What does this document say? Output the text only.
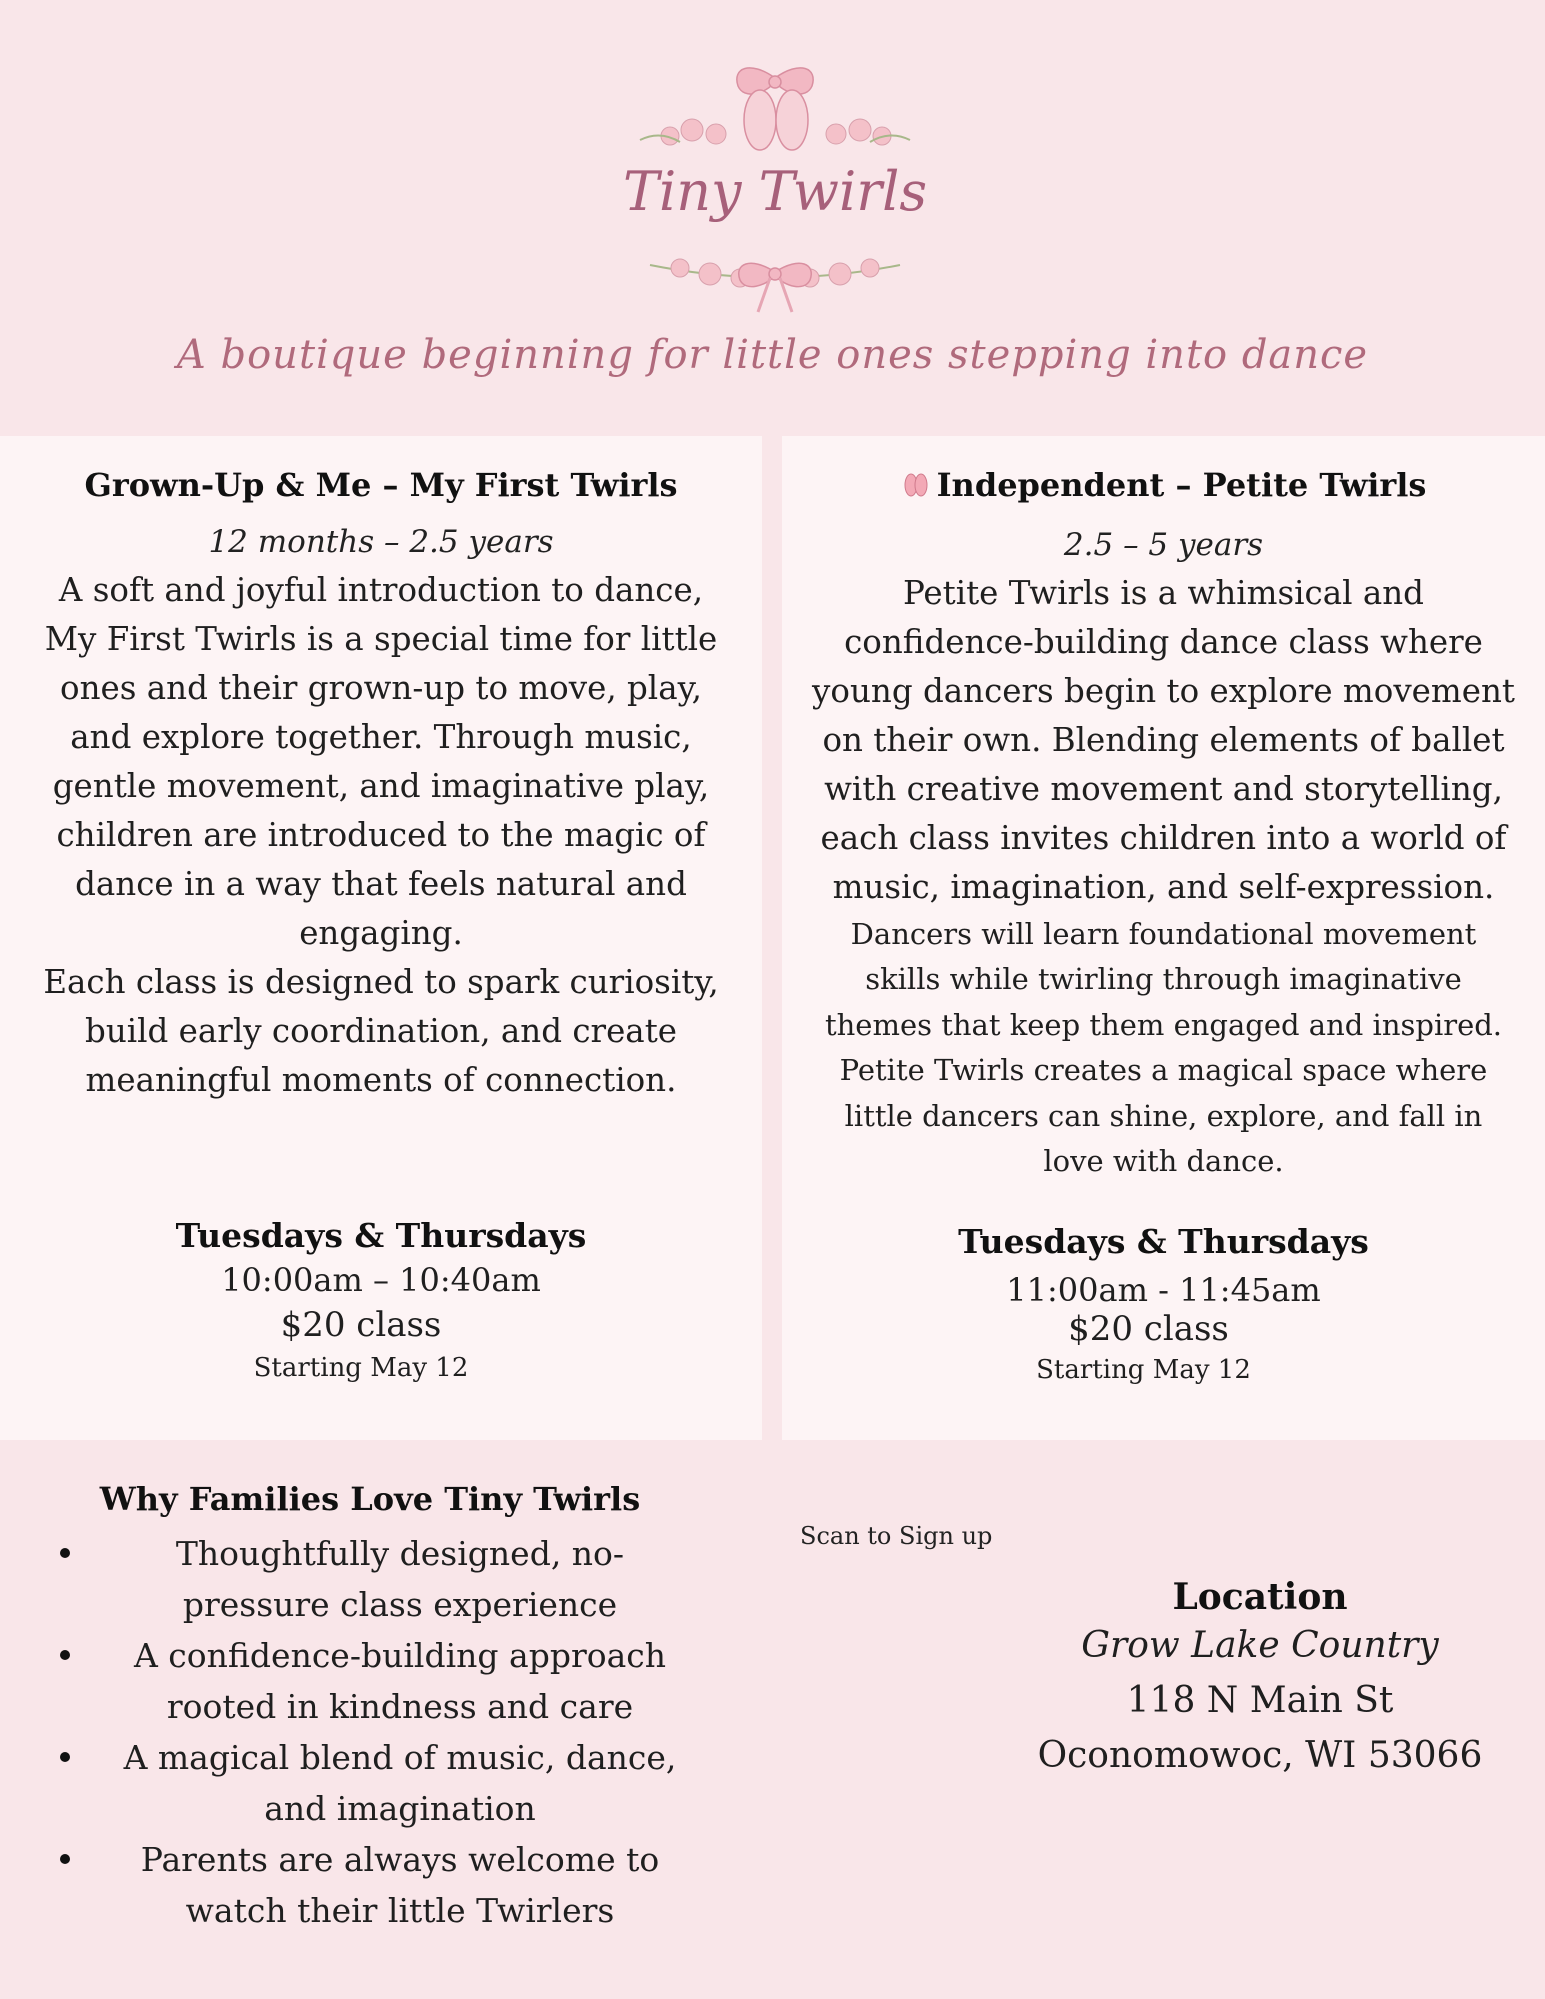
Tiny Twirls
A boutique beginning for little ones stepping into dance
Grown-Up & Me – My First Twirls
12 months – 2.5 years
A soft and joyful introduction to dance,
My First Twirls is a special time for little
ones and their grown-up to move, play,
and explore together. Through music,
gentle movement, and imaginative play,
children are introduced to the magic of
dance in a way that feels natural and
engaging.
Each class is designed to spark curiosity,
build early coordination, and create
meaningful moments of connection.
Tuesdays & Thursdays
10:00am – 10:40am
$20 class
Starting May 12
Independent – Petite Twirls
2.5 – 5 years
Petite Twirls is a whimsical and
confidence-building dance class where
young dancers begin to explore movement
on their own. Blending elements of ballet
with creative movement and storytelling,
each class invites children into a world of
music, imagination, and self-expression.
Dancers will learn foundational movement
skills while twirling through imaginative
themes that keep them engaged and inspired.
Petite Twirls creates a magical space where
little dancers can shine, explore, and fall in
love with dance.
Tuesdays & Thursdays
11:00am - 11:45am
$20 class
Starting May 12
Why Families Love Tiny Twirls
Thoughtfully designed, no-
pressure class experience
A confidence-building approach
rooted in kindness and care
A magical blend of music, dance,
and imagination
Parents are always welcome to
watch their little Twirlers
Scan to Sign up
Location
Grow Lake Country
118 N Main St
Oconomowoc, WI 53066
